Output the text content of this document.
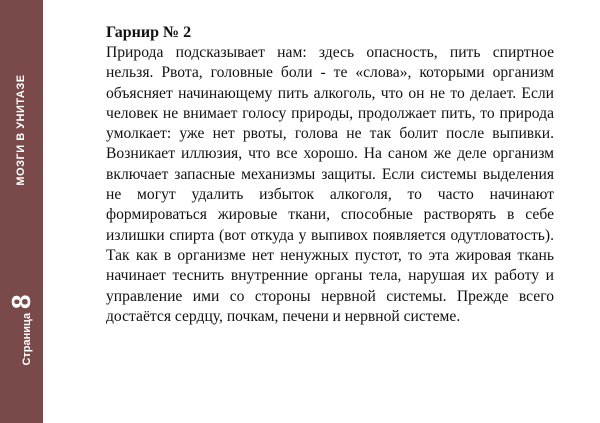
МОЗГИ В УНИТАЗЕ
Страница
8

Гарнир № 2

Природа подсказывает нам: здесь опасность, пить спиртное нельзя. Рвота, головные боли - те «слова», которыми организм объясняет начинающему пить алкоголь, что он не то делает. Если человек не внимает голосу природы, продолжает пить, то природа умолкает: уже нет рвоты, голова не так болит после выпивки. Возникает иллюзия, что все хорошо. На саном же деле организм включает запасные механизмы защиты. Если системы выделения не могут удалить избыток алкоголя, то часто начинают формироваться жировые ткани, способные растворять в себе излишки спирта (вот откуда у выпивох появляется одутловатость). Так как в организме нет ненужных пустот, то эта жировая ткань начинает теснить внутренние органы тела, нарушая их работу и управление ими со стороны нервной системы. Прежде всего достаётся сердцу, почкам, печени и нервной системе.
